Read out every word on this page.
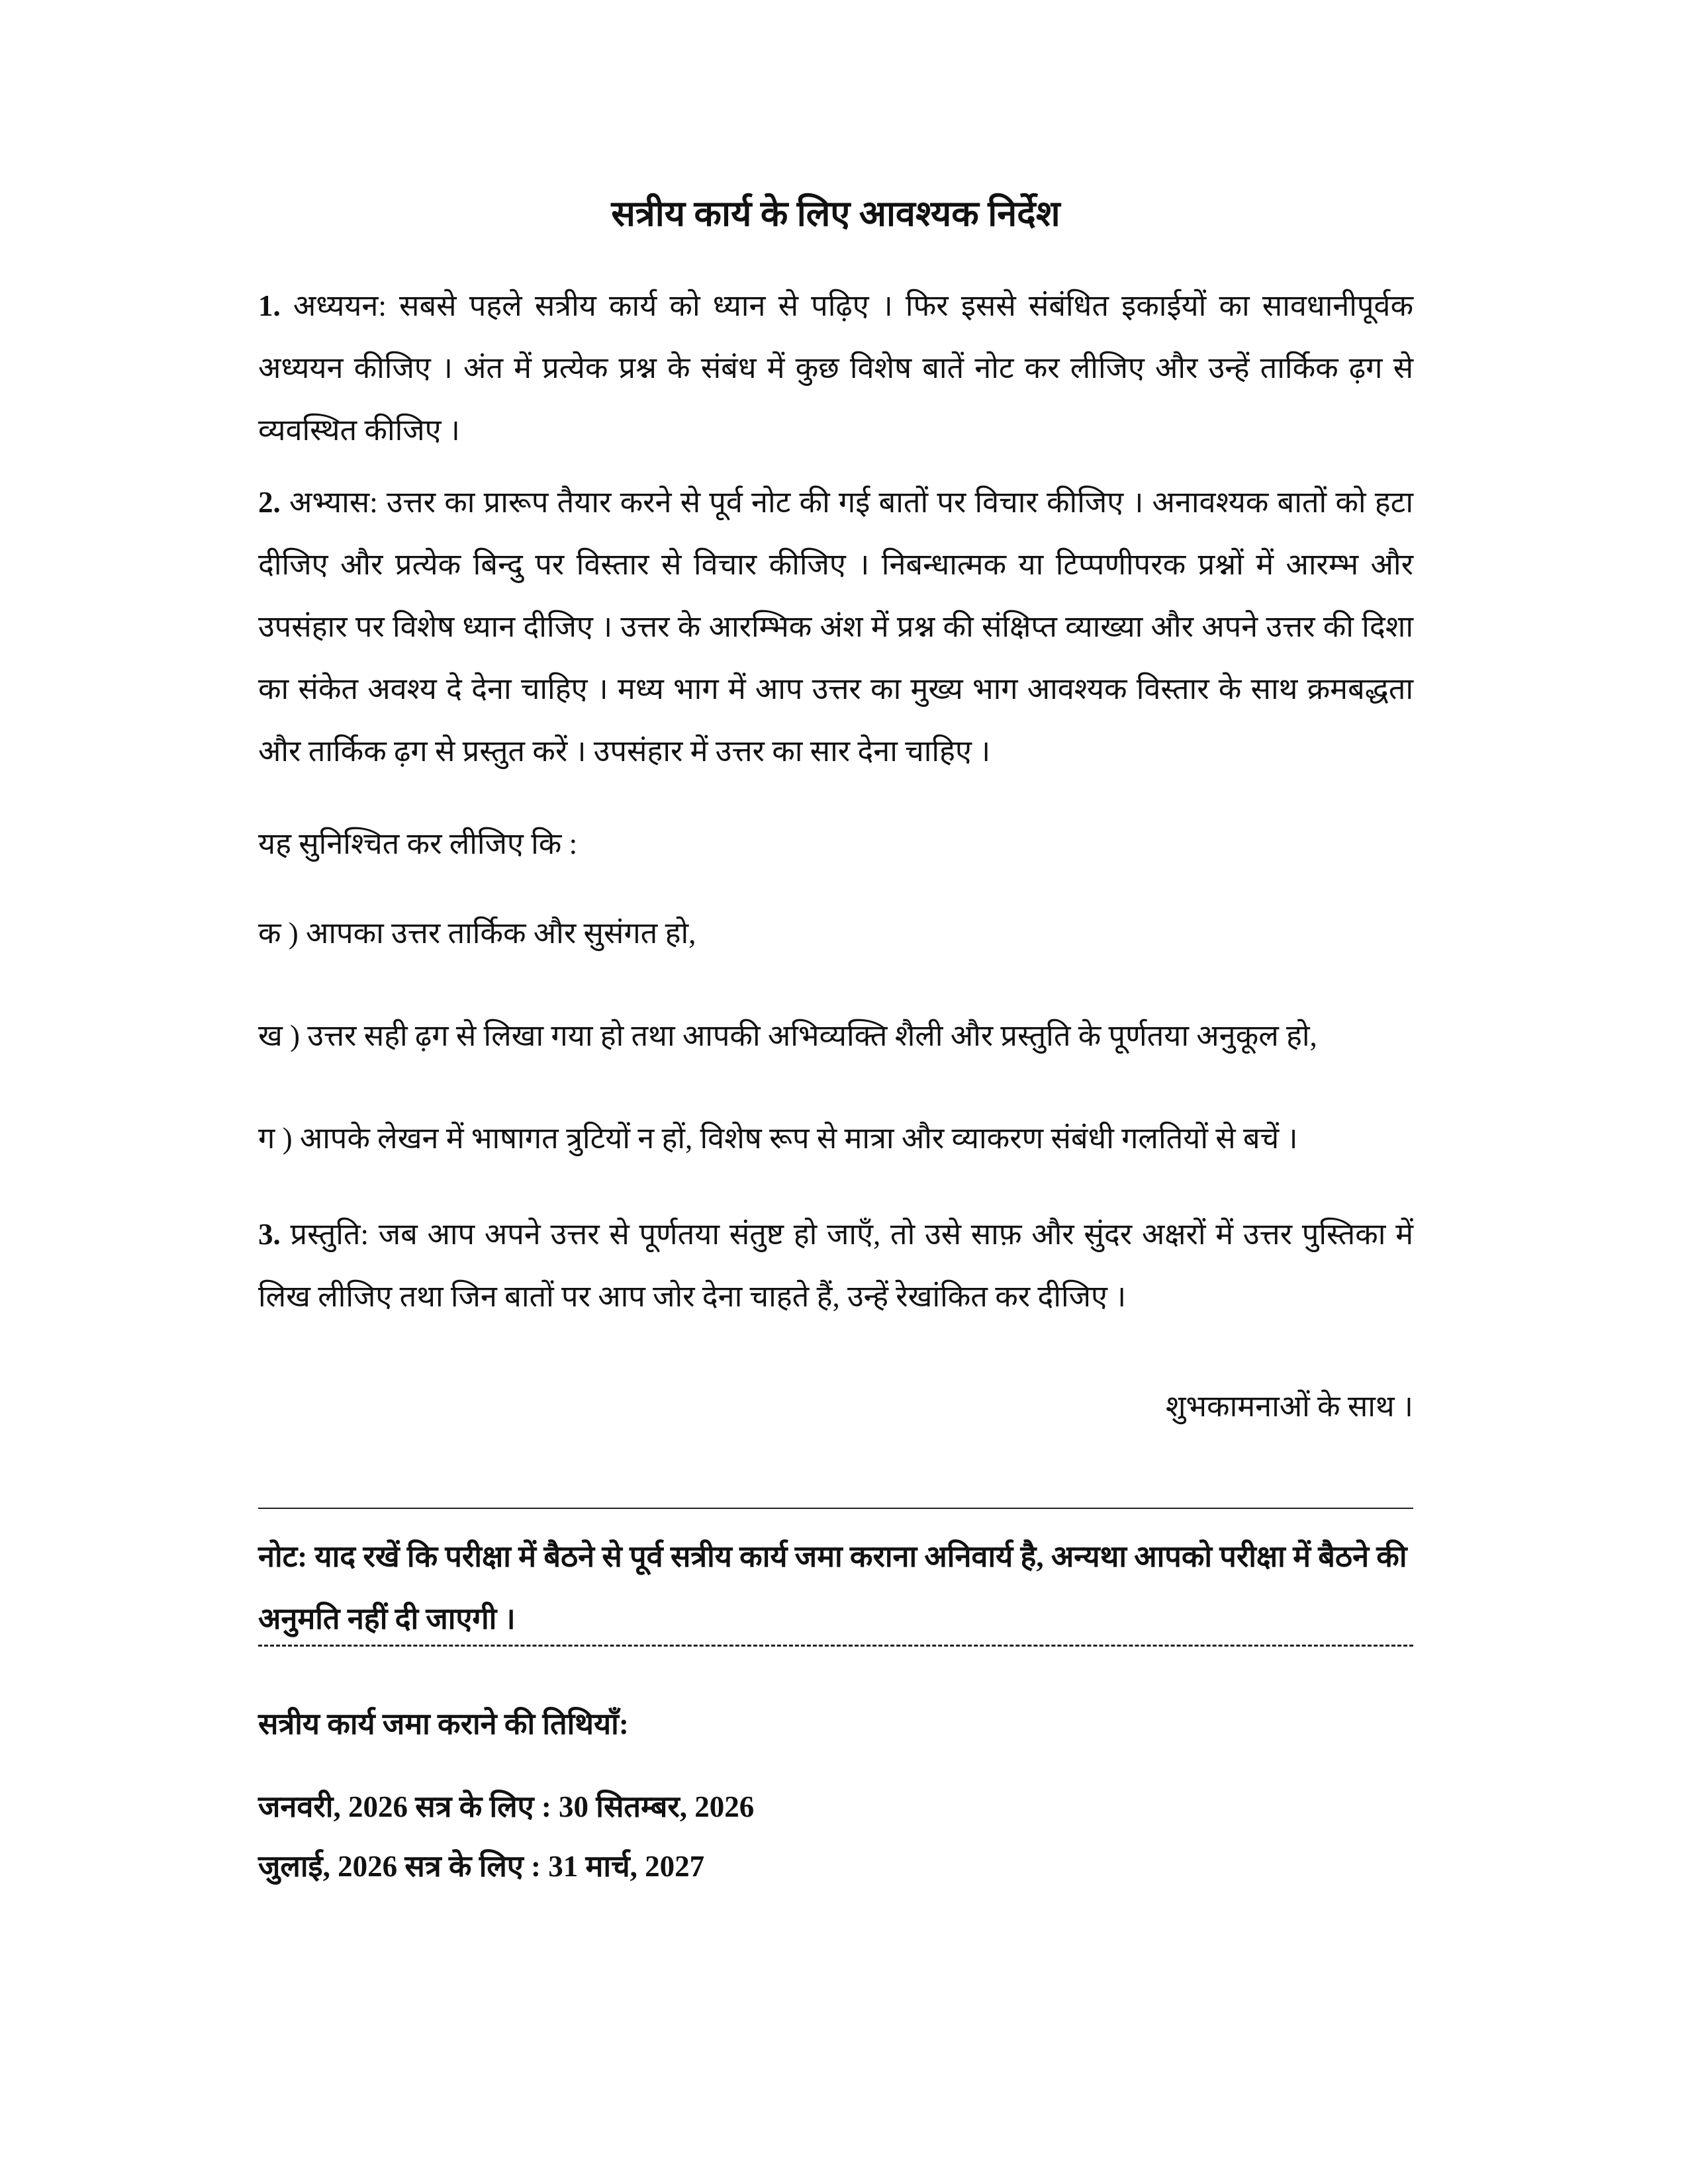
सत्रीय कार्य के लिए आवश्यक निर्देश

1. अध्ययन: सबसे पहले सत्रीय कार्य को ध्यान से पढ़िए । फिर इससे संबंधित इकाईयों का सावधानीपूर्वक अध्ययन कीजिए । अंत में प्रत्येक प्रश्न के संबंध में कुछ विशेष बातें नोट कर लीजिए और उन्हें तार्किक ढ़ग से व्यवस्थित कीजिए ।

2. अभ्यास: उत्तर का प्रारूप तैयार करने से पूर्व नोट की गई बातों पर विचार कीजिए । अनावश्यक बातों को हटा दीजिए और प्रत्येक बिन्दु पर विस्तार से विचार कीजिए । निबन्धात्मक या टिप्पणीपरक प्रश्नों में आरम्भ और उपसंहार पर विशेष ध्यान दीजिए । उत्तर के आरम्भिक अंश में प्रश्न की संक्षिप्त व्याख्या और अपने उत्तर की दिशा का संकेत अवश्य दे देना चाहिए । मध्य भाग में आप उत्तर का मुख्य भाग आवश्यक विस्तार के साथ क्रमबद्धता और तार्किक ढ़ग से प्रस्तुत करें । उपसंहार में उत्तर का सार देना चाहिए ।

यह सुनिश्चित कर लीजिए कि :

क ) आपका उत्तर तार्किक और सुसंगत हो,

ख ) उत्तर सही ढ़ग से लिखा गया हो तथा आपकी अभिव्यक्ति शैली और प्रस्तुति के पूर्णतया अनुकूल हो,

ग ) आपके लेखन में भाषागत त्रुटियों न हों, विशेष रूप से मात्रा और व्याकरण संबंधी गलतियों से बचें ।

3. प्रस्तुति: जब आप अपने उत्तर से पूर्णतया संतुष्ट हो जाएँ, तो उसे साफ़ और सुंदर अक्षरों में उत्तर पुस्तिका में लिख लीजिए तथा जिन बातों पर आप जोर देना चाहते हैं, उन्हें रेखांकित कर दीजिए ।

शुभकामनाओं के साथ ।

नोट: याद रखें कि परीक्षा में बैठने से पूर्व सत्रीय कार्य जमा कराना अनिवार्य है, अन्यथा आपको परीक्षा में बैठने की अनुमति नहीं दी जाएगी ।

सत्रीय कार्य जमा कराने की तिथियाँ:

जनवरी, 2026 सत्र के लिए : 30 सितम्बर, 2026

जुलाई, 2026 सत्र के लिए : 31 मार्च, 2027
